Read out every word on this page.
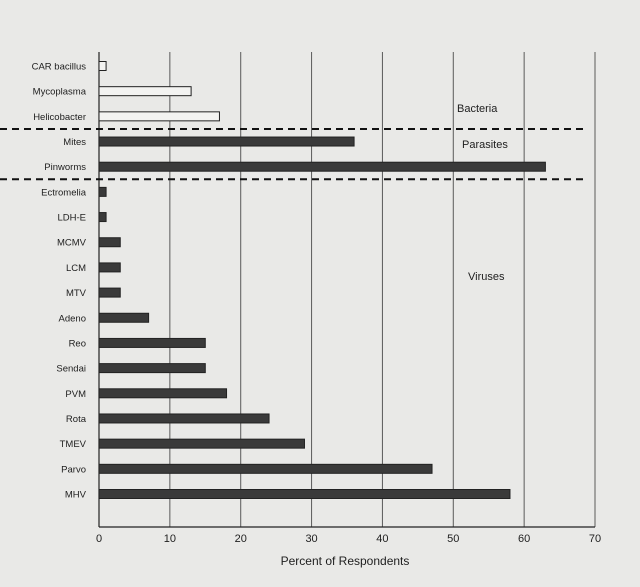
CAR bacillus
Mycoplasma
Helicobacter
Mites
Pinworms
Ectromelia
LDH-E
MCMV
LCM
MTV
Adeno
Reo
Sendai
PVM
Rota
TMEV
Parvo
MHV
0	10	20	30	40	50	60	70
Bacteria
Parasites
Viruses
Percent of Respondents
